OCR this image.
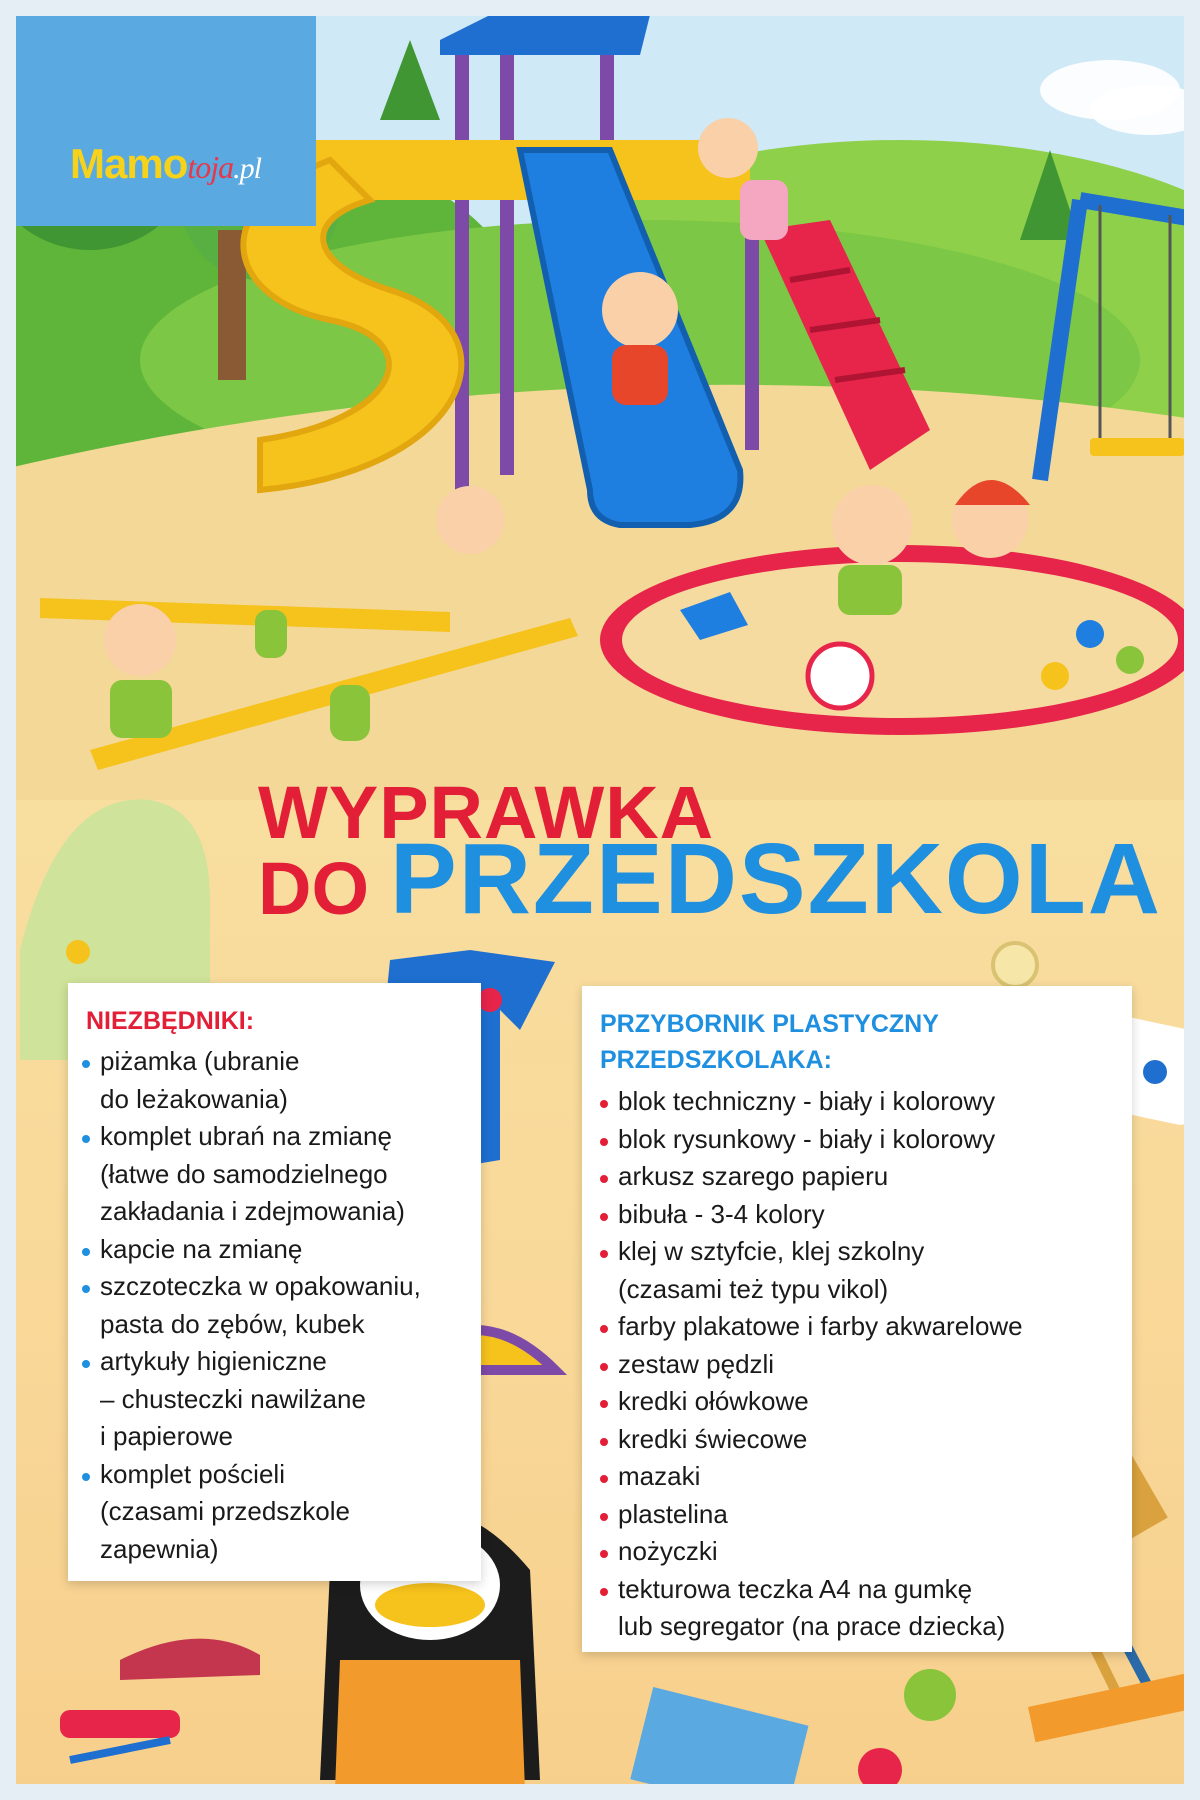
Mamotoja.pl
WYPRAWKA
DO PRZEDSZKOLA
NIEZBĘDNIKI:
piżamka (ubranie
do leżakowania)
komplet ubrań na zmianę
(łatwe do samodzielnego
zakładania i zdejmowania)
kapcie na zmianę
szczoteczka w opakowaniu,
pasta do zębów, kubek
artykuły higieniczne
– chusteczki nawilżane
i papierowe
komplet pościeli
(czasami przedszkole
zapewnia)
PRZYBORNIK PLASTYCZNY PRZEDSZKOLAKA:
blok techniczny - biały i kolorowy
blok rysunkowy - biały i kolorowy
arkusz szarego papieru
bibuła - 3-4 kolory
klej w sztyfcie, klej szkolny
(czasami też typu vikol)
farby plakatowe i farby akwarelowe
zestaw pędzli
kredki ołówkowe
kredki świecowe
mazaki
plastelina
nożyczki
tekturowa teczka A4 na gumkę
lub segregator (na prace dziecka)
